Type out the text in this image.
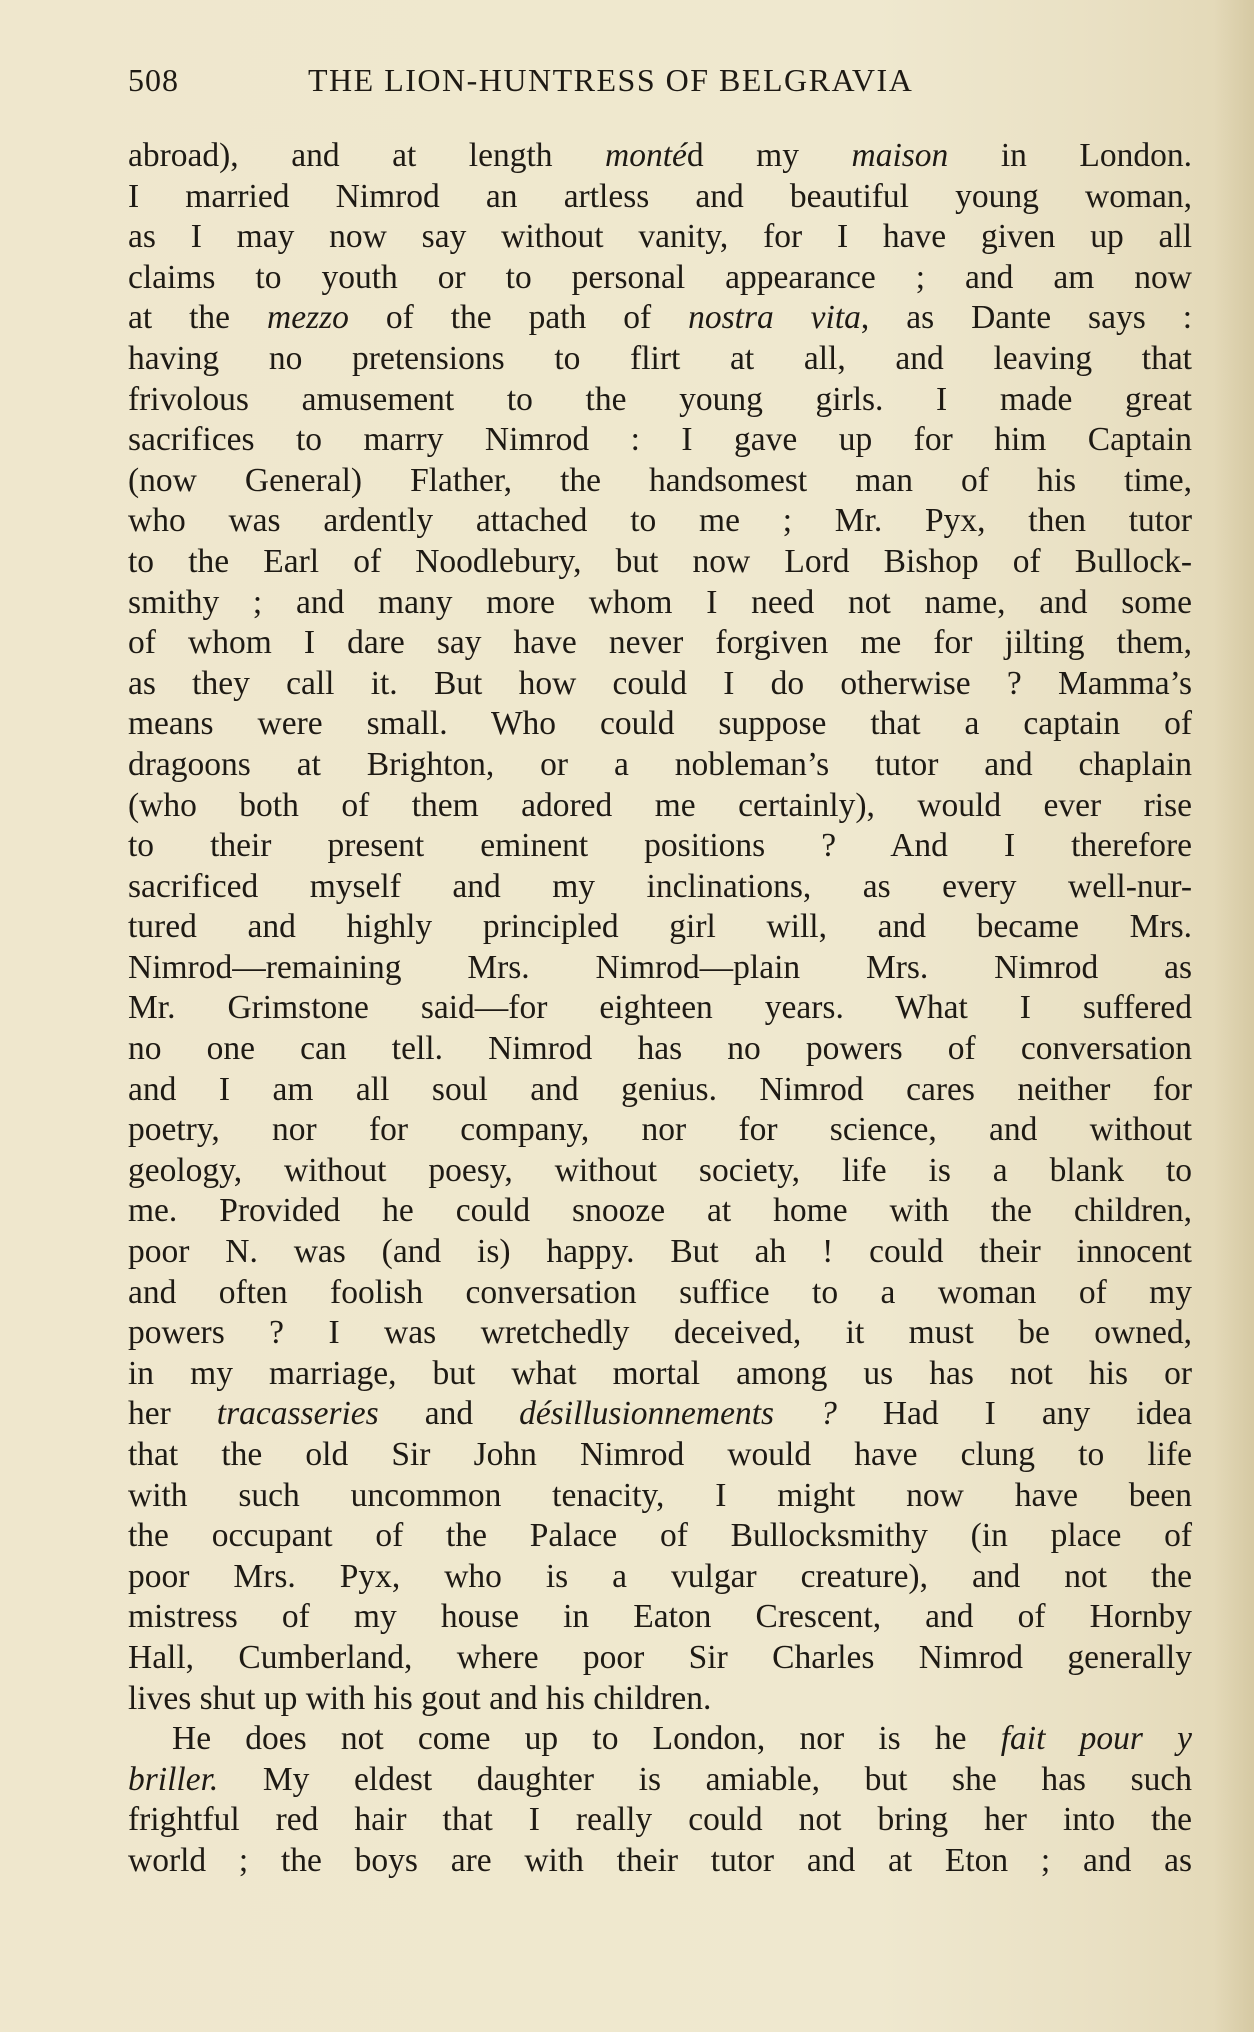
508	THE LION-HUNTRESS OF BELGRAVIA
abroad), and at length montéd my maison in London.
I married Nimrod an artless and beautiful young woman,
as I may now say without vanity, for I have given up all
claims to youth or to personal appearance ; and am now
at the mezzo of the path of nostra vita, as Dante says :
having no pretensions to flirt at all, and leaving that
frivolous amusement to the young girls. I made great
sacrifices to marry Nimrod : I gave up for him Captain
(now General) Flather, the handsomest man of his time,
who was ardently attached to me ; Mr. Pyx, then tutor
to the Earl of Noodlebury, but now Lord Bishop of Bullock-
smithy ; and many more whom I need not name, and some
of whom I dare say have never forgiven me for jilting them,
as they call it. But how could I do otherwise ? Mamma’s
means were small. Who could suppose that a captain of
dragoons at Brighton, or a nobleman’s tutor and chaplain
(who both of them adored me certainly), would ever rise
to their present eminent positions ? And I therefore
sacrificed myself and my inclinations, as every well-nur-
tured and highly principled girl will, and became Mrs.
Nimrod—remaining Mrs. Nimrod—plain Mrs. Nimrod as
Mr. Grimstone said—for eighteen years. What I suffered
no one can tell. Nimrod has no powers of conversation
and I am all soul and genius. Nimrod cares neither for
poetry, nor for company, nor for science, and without
geology, without poesy, without society, life is a blank to
me. Provided he could snooze at home with the children,
poor N. was (and is) happy. But ah ! could their innocent
and often foolish conversation suffice to a woman of my
powers ? I was wretchedly deceived, it must be owned,
in my marriage, but what mortal among us has not his or
her tracasseries and désillusionnements ? Had I any idea
that the old Sir John Nimrod would have clung to life
with such uncommon tenacity, I might now have been
the occupant of the Palace of Bullocksmithy (in place of
poor Mrs. Pyx, who is a vulgar creature), and not the
mistress of my house in Eaton Crescent, and of Hornby
Hall, Cumberland, where poor Sir Charles Nimrod generally
lives shut up with his gout and his children.
He does not come up to London, nor is he fait pour y
briller. My eldest daughter is amiable, but she has such
frightful red hair that I really could not bring her into the
world ; the boys are with their tutor and at Eton ; and as
